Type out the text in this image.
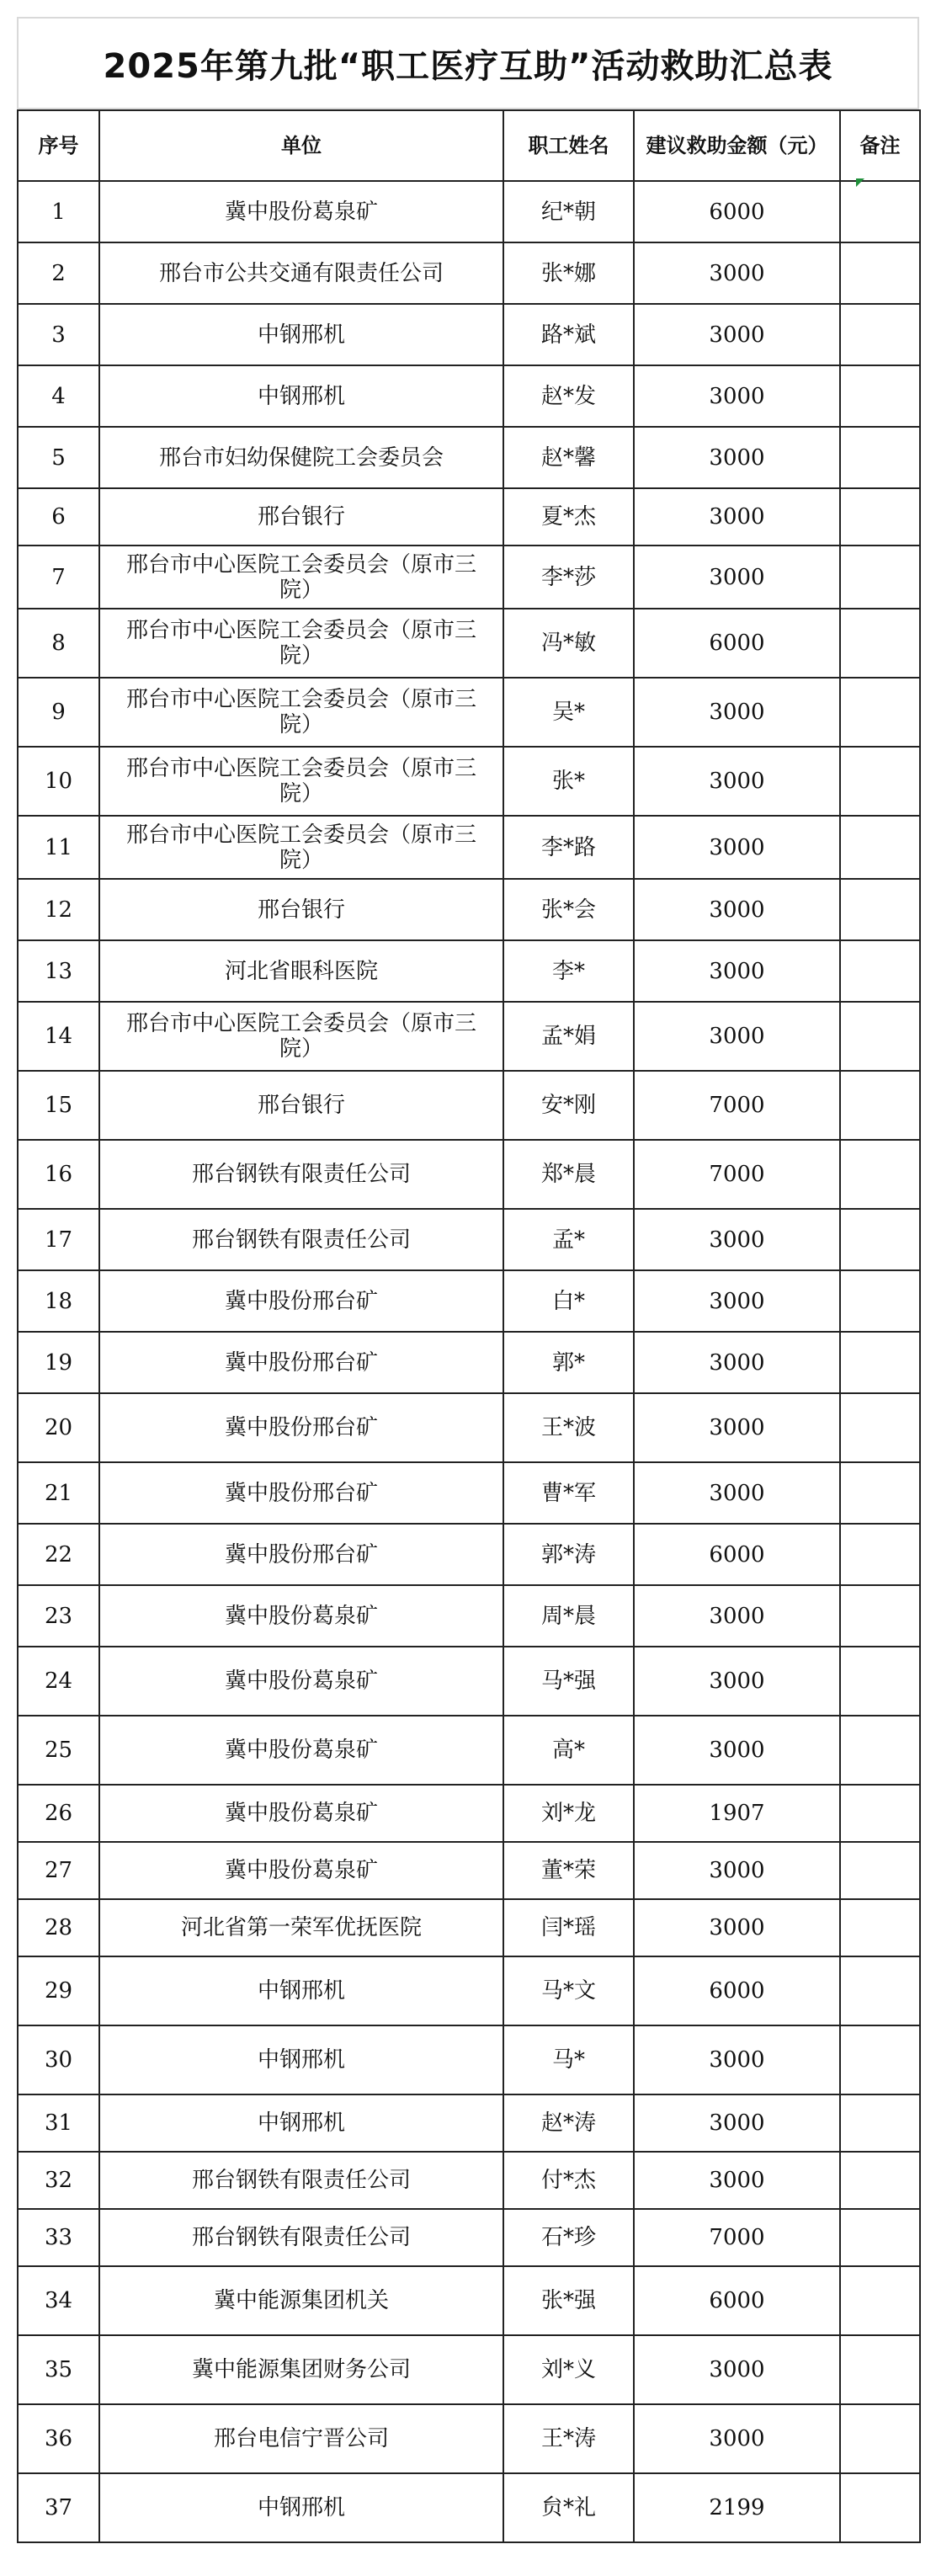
2025年第九批“职工医疗互助”活动救助汇总表
序号	单位	职工姓名	建议救助金额（元）	备注
1	冀中股份葛泉矿	纪*朝	6000	
2	邢台市公共交通有限责任公司	张*娜	3000	
3	中钢邢机	路*斌	3000	
4	中钢邢机	赵*发	3000	
5	邢台市妇幼保健院工会委员会	赵*馨	3000	
6	邢台银行	夏*杰	3000	
7	邢台市中心医院工会委员会（原市三院）	李*莎	3000	
8	邢台市中心医院工会委员会（原市三院）	冯*敏	6000	
9	邢台市中心医院工会委员会（原市三院）	吴*	3000	
10	邢台市中心医院工会委员会（原市三院）	张*	3000	
11	邢台市中心医院工会委员会（原市三院）	李*路	3000	
12	邢台银行	张*会	3000	
13	河北省眼科医院	李*	3000	
14	邢台市中心医院工会委员会（原市三院）	孟*娟	3000	
15	邢台银行	安*刚	7000	
16	邢台钢铁有限责任公司	郑*晨	7000	
17	邢台钢铁有限责任公司	孟*	3000	
18	冀中股份邢台矿	白*	3000	
19	冀中股份邢台矿	郭*	3000	
20	冀中股份邢台矿	王*波	3000	
21	冀中股份邢台矿	曹*军	3000	
22	冀中股份邢台矿	郭*涛	6000	
23	冀中股份葛泉矿	周*晨	3000	
24	冀中股份葛泉矿	马*强	3000	
25	冀中股份葛泉矿	高*	3000	
26	冀中股份葛泉矿	刘*龙	1907	
27	冀中股份葛泉矿	董*荣	3000	
28	河北省第一荣军优抚医院	闫*瑶	3000	
29	中钢邢机	马*文	6000	
30	中钢邢机	马*	3000	
31	中钢邢机	赵*涛	3000	
32	邢台钢铁有限责任公司	付*杰	3000	
33	邢台钢铁有限责任公司	石*珍	7000	
34	冀中能源集团机关	张*强	6000	
35	冀中能源集团财务公司	刘*义	3000	
36	邢台电信宁晋公司	王*涛	3000	
37	中钢邢机	贠*礼	2199	
